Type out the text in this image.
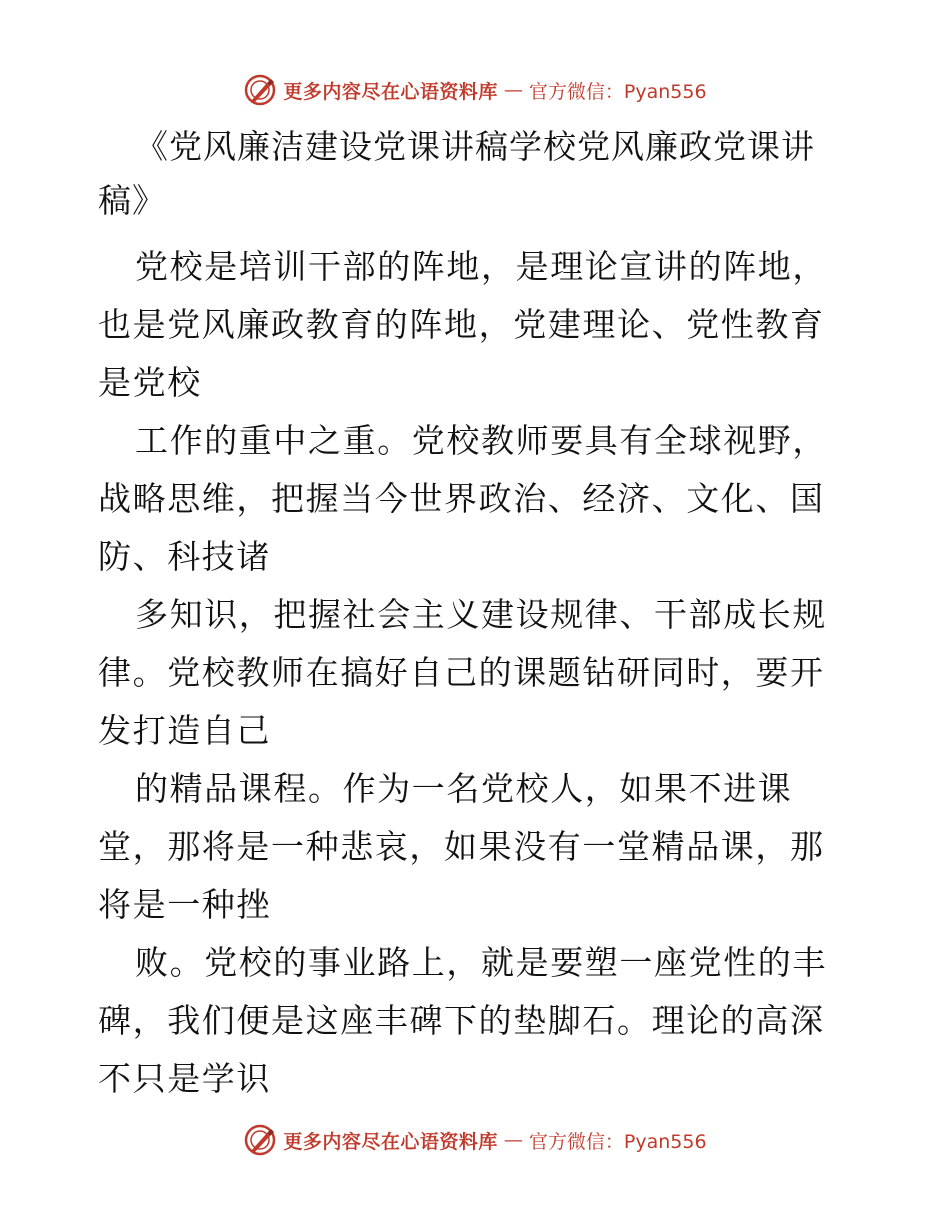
更多内容尽在心语资料库 — 官方微信：Pyan556
《党风廉洁建设党课讲稿学校党风廉政党课讲稿》

党校是培训干部的阵地，是理论宣讲的阵地，也是党风廉政教育的阵地，党建理论、党性教育是党校

工作的重中之重。党校教师要具有全球视野，战略思维，把握当今世界政治、经济、文化、国防、科技诸

多知识，把握社会主义建设规律、干部成长规律。党校教师在搞好自己的课题钻研同时，要开发打造自己

的精品课程。作为一名党校人，如果不进课堂，那将是一种悲哀，如果没有一堂精品课，那将是一种挫

败。党校的事业路上，就是要塑一座党性的丰碑，我们便是这座丰碑下的垫脚石。理论的高深不只是学识

更多内容尽在心语资料库 — 官方微信：Pyan556
